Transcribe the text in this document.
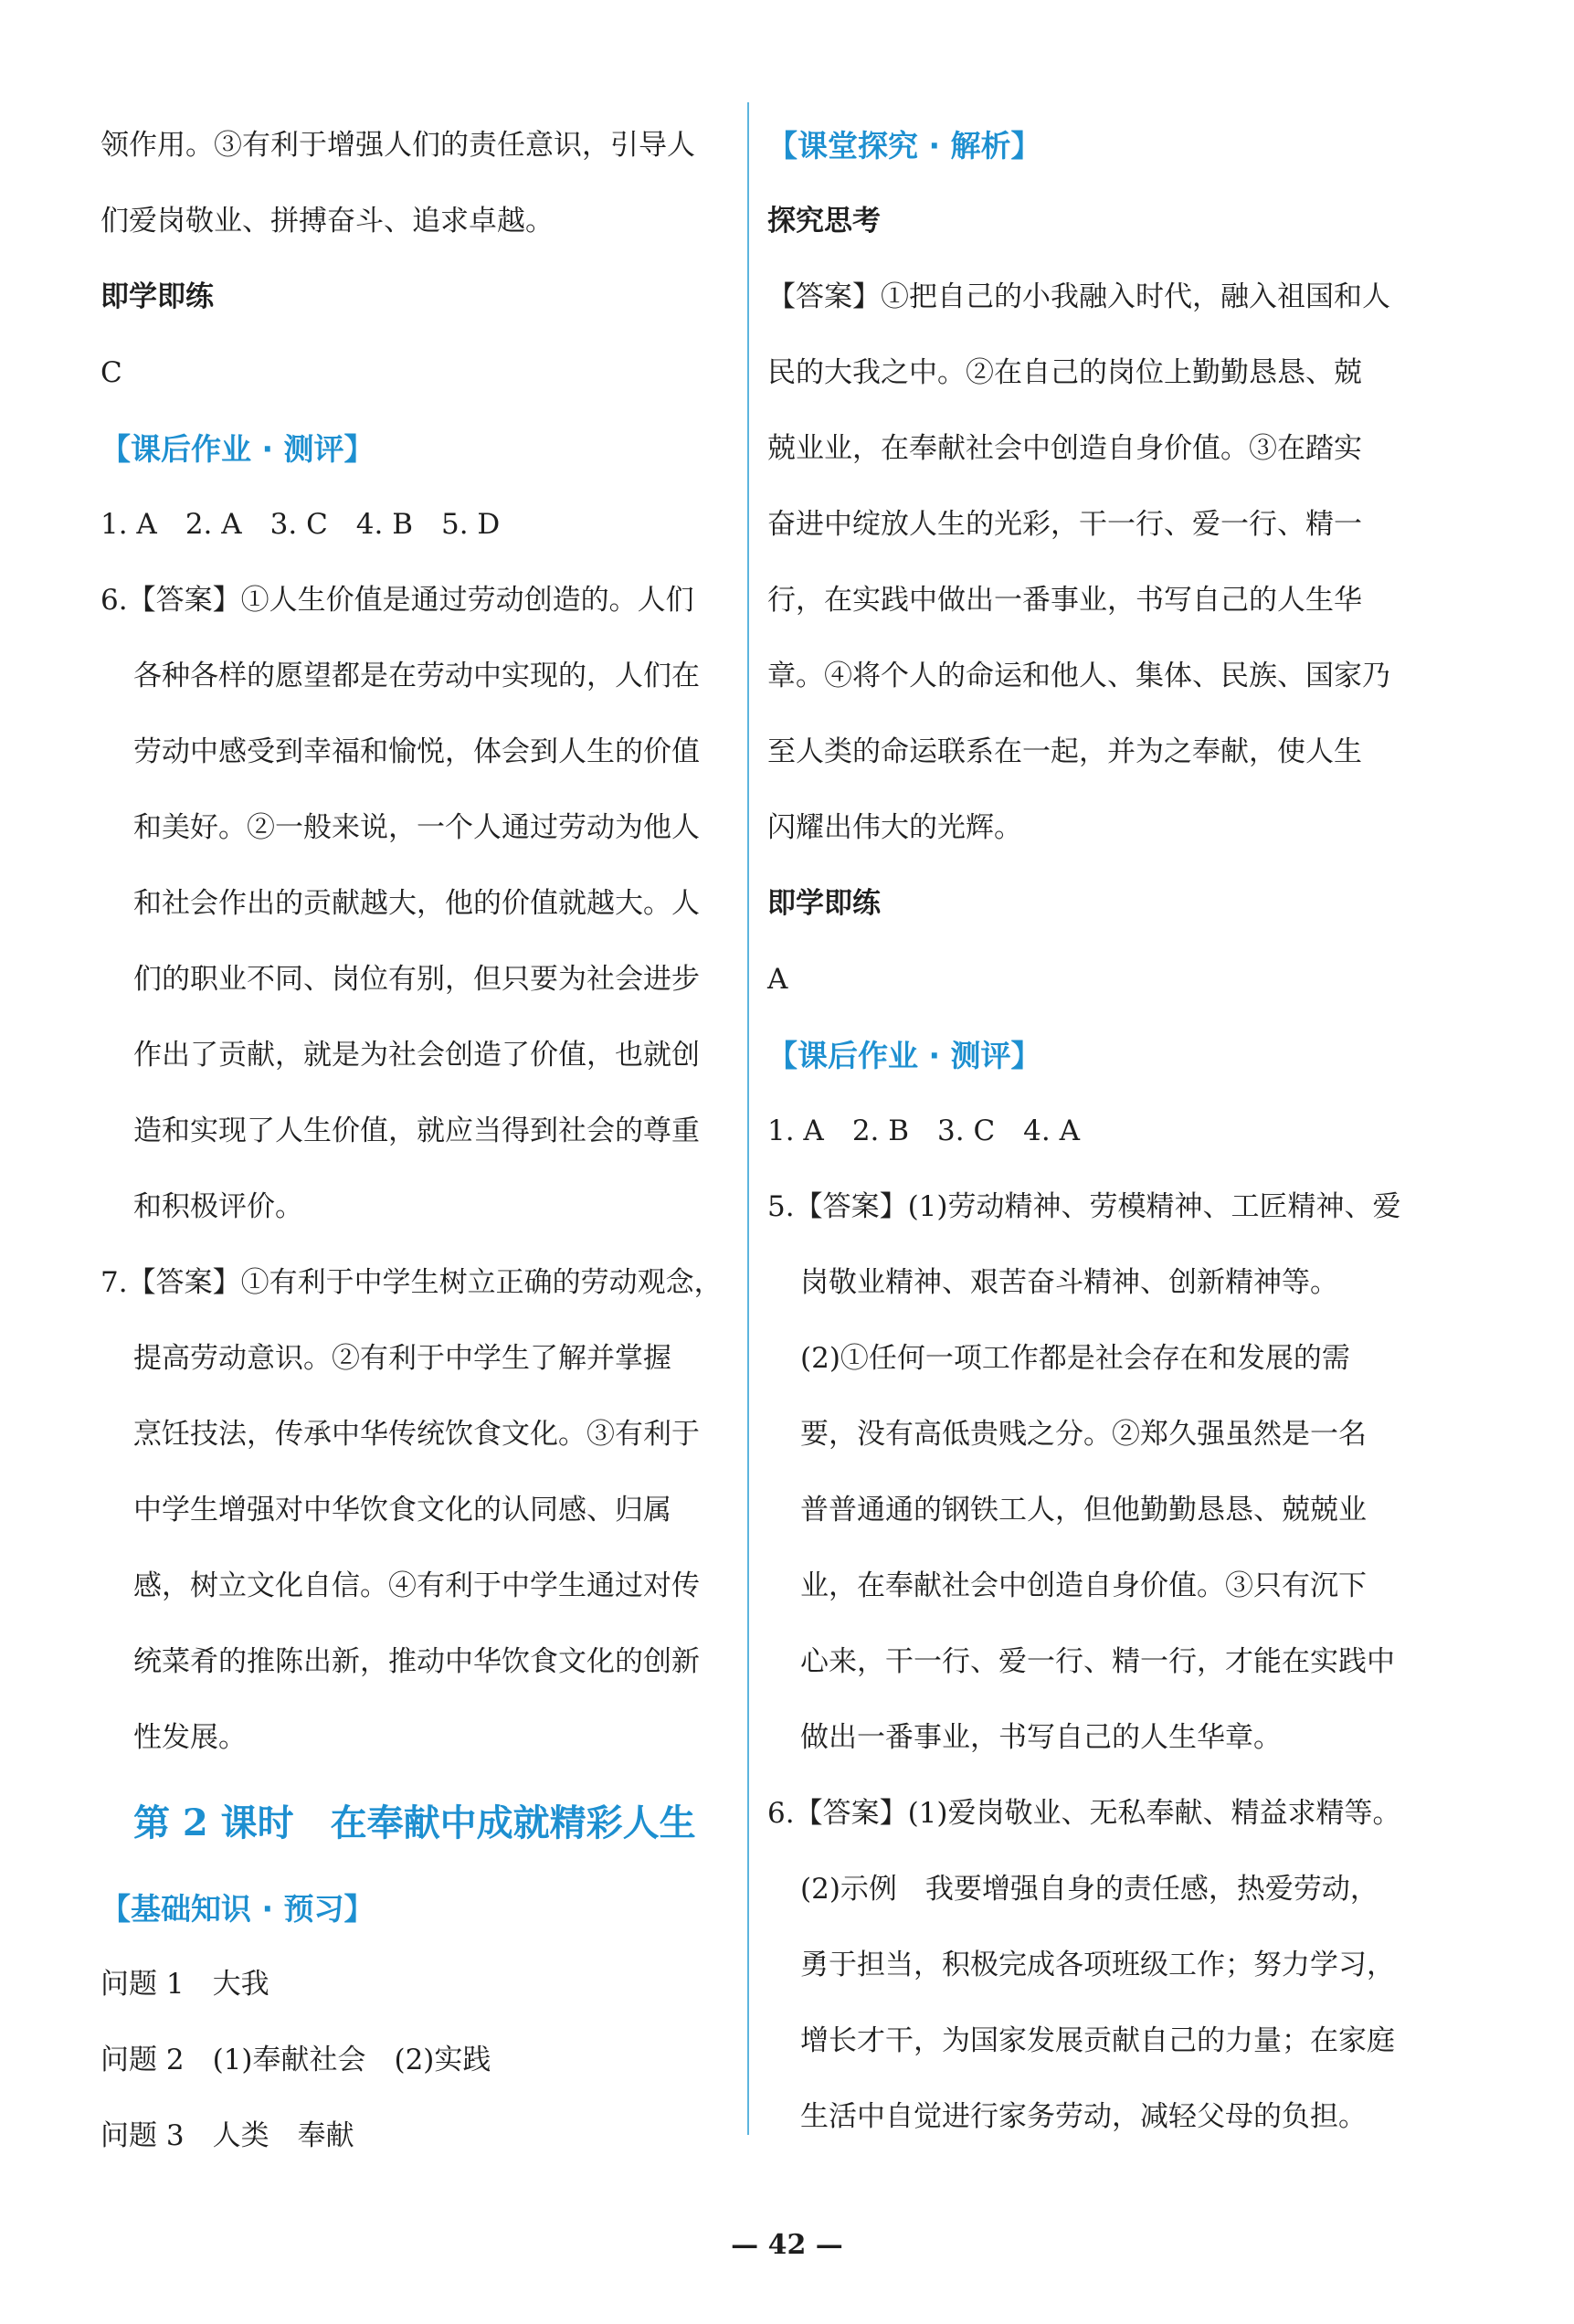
领作用。③有利于增强人们的责任意识，引导人
们爱岗敬业、拼搏奋斗、追求卓越。
即学即练
C
【课后作业 · 测评】
1. A　2. A　3. C　4. B　5. D
6.【答案】①人生价值是通过劳动创造的。人们
各种各样的愿望都是在劳动中实现的，人们在
劳动中感受到幸福和愉悦，体会到人生的价值
和美好。②一般来说，一个人通过劳动为他人
和社会作出的贡献越大，他的价值就越大。人
们的职业不同、岗位有别，但只要为社会进步
作出了贡献，就是为社会创造了价值，也就创
造和实现了人生价值，就应当得到社会的尊重
和积极评价。
7.【答案】①有利于中学生树立正确的劳动观念，
提高劳动意识。②有利于中学生了解并掌握
烹饪技法，传承中华传统饮食文化。③有利于
中学生增强对中华饮食文化的认同感、归属
感，树立文化自信。④有利于中学生通过对传
统菜肴的推陈出新，推动中华饮食文化的创新
性发展。
第 2 课时　在奉献中成就精彩人生
【基础知识 · 预习】
问题 1　大我
问题 2　(1)奉献社会　(2)实践
问题 3　人类　奉献
【课堂探究 · 解析】
探究思考
【答案】①把自己的小我融入时代，融入祖国和人
民的大我之中。②在自己的岗位上勤勤恳恳、兢
兢业业，在奉献社会中创造自身价值。③在踏实
奋进中绽放人生的光彩，干一行、爱一行、精一
行，在实践中做出一番事业，书写自己的人生华
章。④将个人的命运和他人、集体、民族、国家乃
至人类的命运联系在一起，并为之奉献，使人生
闪耀出伟大的光辉。
即学即练
A
【课后作业 · 测评】
1. A　2. B　3. C　4. A
5.【答案】(1)劳动精神、劳模精神、工匠精神、爱
岗敬业精神、艰苦奋斗精神、创新精神等。
(2)①任何一项工作都是社会存在和发展的需
要，没有高低贵贱之分。②郑久强虽然是一名
普普通通的钢铁工人，但他勤勤恳恳、兢兢业
业，在奉献社会中创造自身价值。③只有沉下
心来，干一行、爱一行、精一行，才能在实践中
做出一番事业，书写自己的人生华章。
6.【答案】(1)爱岗敬业、无私奉献、精益求精等。
(2)示例　我要增强自身的责任感，热爱劳动，
勇于担当，积极完成各项班级工作；努力学习，
增长才干，为国家发展贡献自己的力量；在家庭
生活中自觉进行家务劳动，减轻父母的负担。
— 42 —
